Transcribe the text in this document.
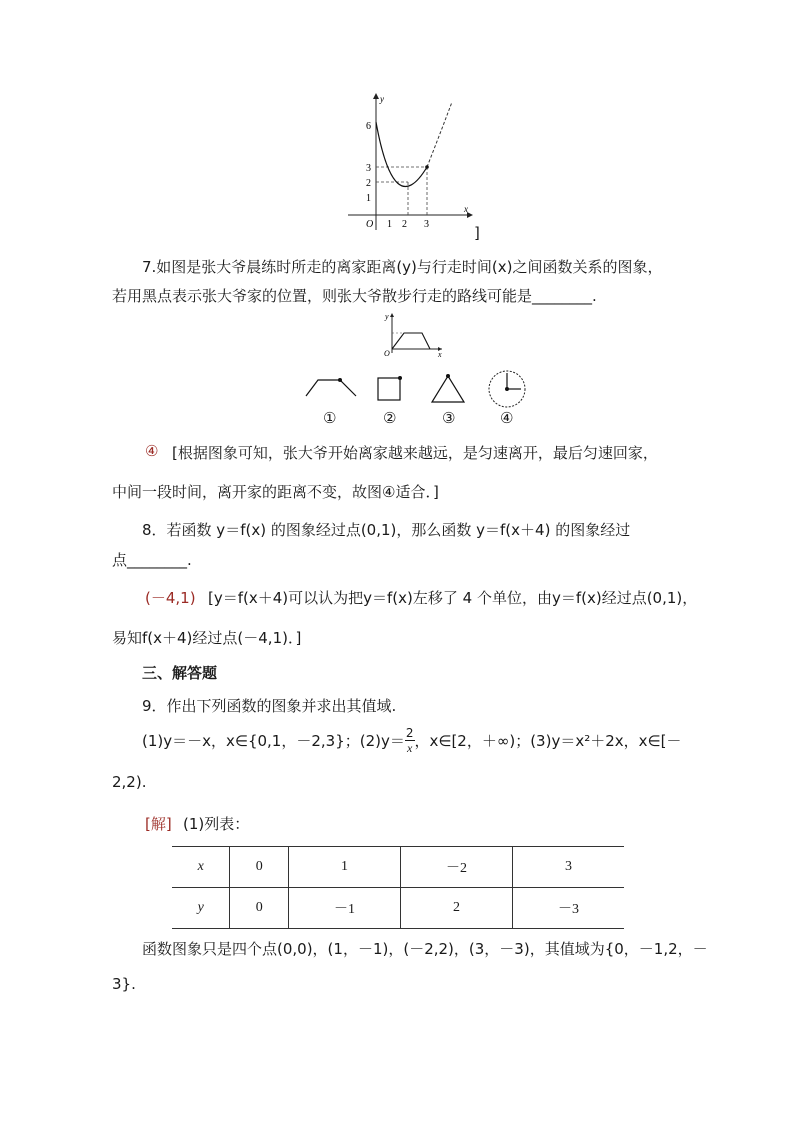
y
x
O
6
3
2
1
1 2 3	]
7.如图是张大爷晨练时所走的离家距离(y)与行走时间(x)之间函数关系的图象，
若用黑点表示张大爷家的位置，则张大爷散步行走的路线可能是________.
y
x
O
①	②	③	④
④ [根据图象可知，张大爷开始离家越来越远，是匀速离开，最后匀速回家，
中间一段时间，离开家的距离不变，故图④适合．]
8．若函数 y＝f(x) 的图象经过点(0,1)，那么函数 y＝f(x＋4) 的图象经过
点________.
(－4,1) [y＝f(x＋4)可以认为把y＝f(x)左移了 4 个单位，由y＝f(x)经过点(0,1)，
易知f(x＋4)经过点(－4,1)．]
三、解答题
9．作出下列函数的图象并求出其值域.
(1)y＝－x，x∈{0,1，－2,3}；$(2)y= \frac{2}{x}$ ，x∈[2，＋∞)；(3)y＝x²＋2x，x∈[－
2,2).
[解] (1)列表：
x	0	1	－2	3
y	0	－1	2	－3
函数图象只是四个点(0,0)，(1，－1)，(－2,2)，(3，－3)，其值域为{0，－1,2，－
3}.
